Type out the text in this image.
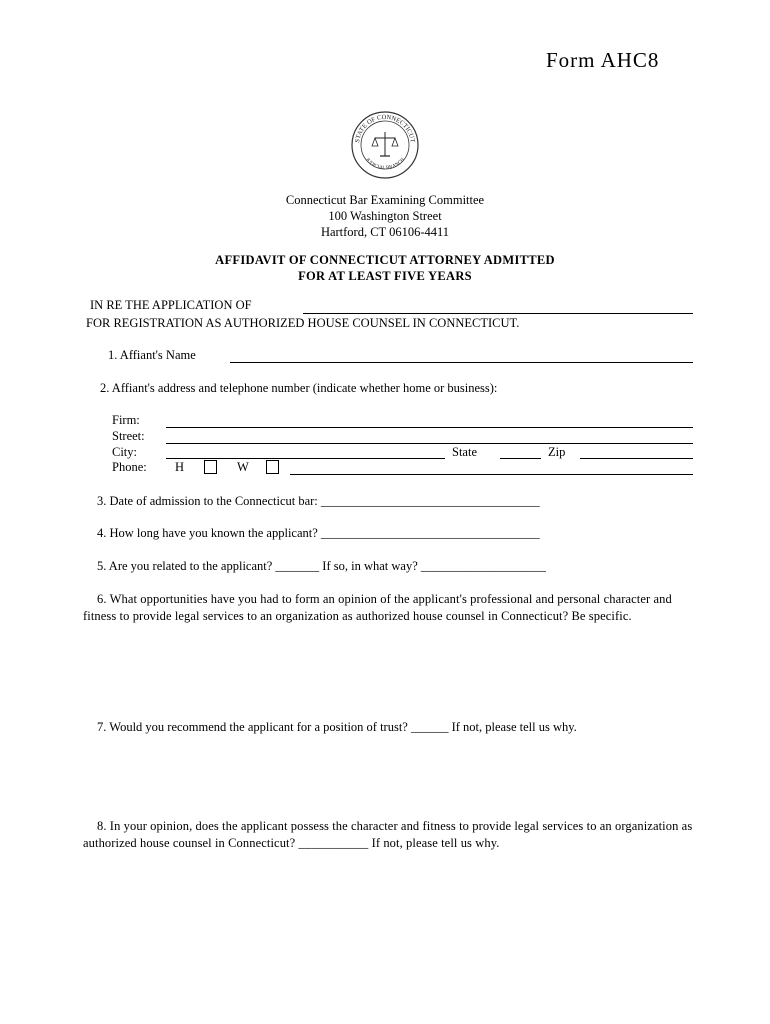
Form AHC8
STATE OF CONNECTICUT
JUDICIAL BRANCH
Connecticut Bar Examining Committee
100 Washington Street
Hartford, CT 06106-4411
AFFIDAVIT OF CONNECTICUT ATTORNEY ADMITTED
FOR AT LEAST FIVE YEARS
IN RE THE APPLICATION OF
FOR REGISTRATION AS AUTHORIZED HOUSE COUNSEL IN CONNECTICUT.
1. Affiant's Name
2. Affiant's address and telephone number (indicate whether home or business):
Firm:
Street:
City:	State	Zip
Phone: H	W
3. Date of admission to the Connecticut bar: ___________________________________
4. How long have you known the applicant? ___________________________________
5. Are you related to the applicant? _______ If so, in what way? ____________________
6. What opportunities have you had to form an opinion of the applicant's professional and personal character and fitness to provide legal services to an organization as authorized house counsel in Connecticut? Be specific.
7. Would you recommend the applicant for a position of trust? ______ If not, please tell us why.
8. In your opinion, does the applicant possess the character and fitness to provide legal services to an organization as authorized house counsel in Connecticut? ___________ If not, please tell us why.
